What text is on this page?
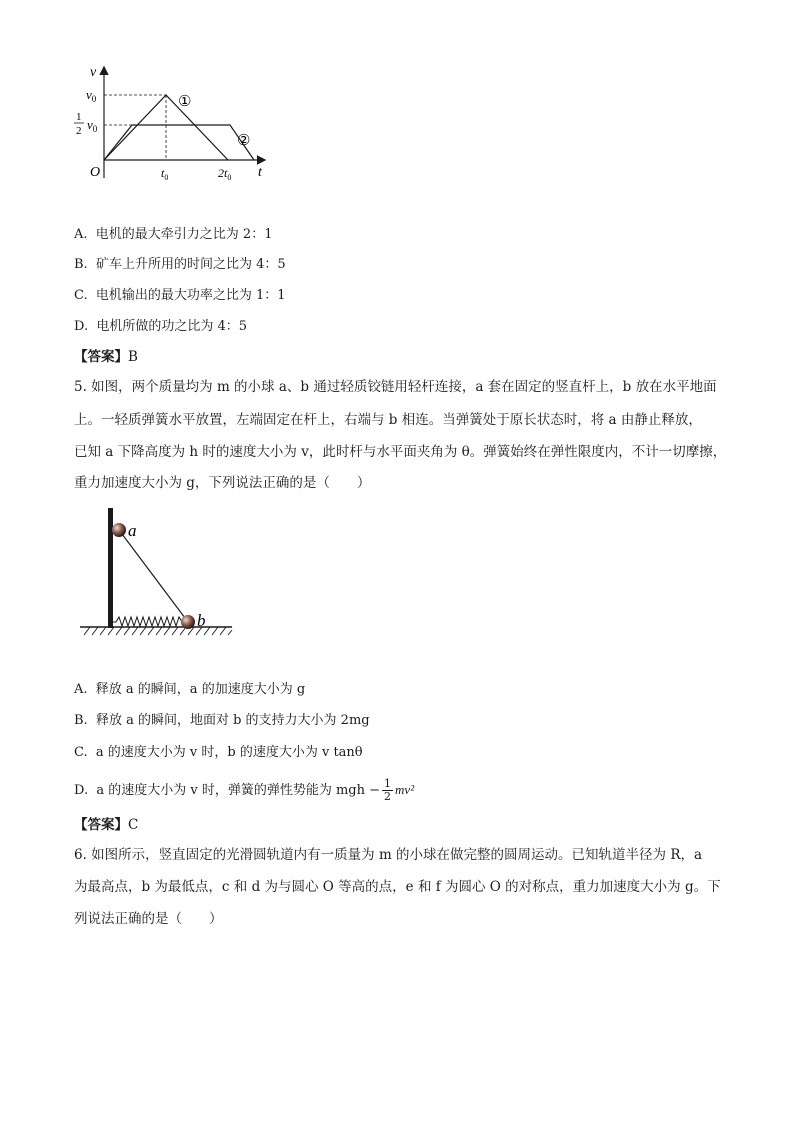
v
t
O
$v_0$
1
2 $v_0$
$t_0$	$2t_0$
①
②
A. 电机的最大牵引力之比为 2：1
B. 矿车上升所用的时间之比为 4：5
C. 电机输出的最大功率之比为 1：1
D. 电机所做的功之比为 4：5
【答案】B
5. 如图，两个质量均为 m 的小球 a、b 通过轻质铰链用轻杆连接，a 套在固定的竖直杆上，b 放在水平地面
上。一轻质弹簧水平放置，左端固定在杆上，右端与 b 相连。当弹簧处于原长状态时，将 a 由静止释放，
已知 a 下降高度为 h 时的速度大小为 v，此时杆与水平面夹角为 θ。弹簧始终在弹性限度内，不计一切摩擦，
重力加速度大小为 g，下列说法正确的是（　　）
a
b
A. 释放 a 的瞬间，a 的加速度大小为 g
B. 释放 a 的瞬间，地面对 b 的支持力大小为 2mg
C. a 的速度大小为 v 时，b 的速度大小为 v tanθ
D. a 的速度大小为 v 时，弹簧的弹性势能为 mgh − $\frac{1}{2} mv^2$
【答案】C
6. 如图所示，竖直固定的光滑圆轨道内有一质量为 m 的小球在做完整的圆周运动。已知轨道半径为 R，a
为最高点，b 为最低点，c 和 d 为与圆心 O 等高的点，e 和 f 为圆心 O 的对称点，重力加速度大小为 g。下
列说法正确的是（　　）
